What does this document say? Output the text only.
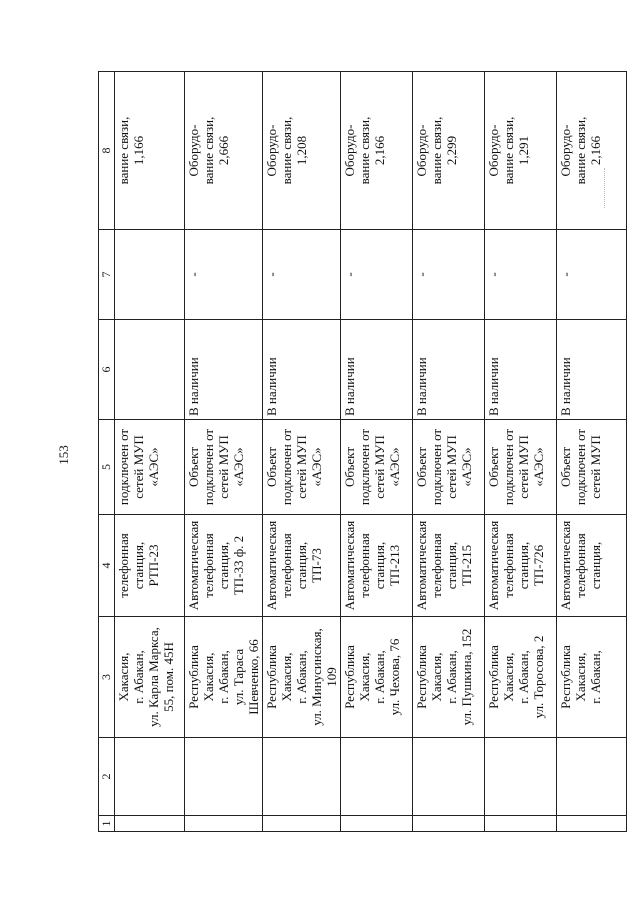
153
1	2	3	4	5	6	7	8

		Хакасия, г. Абакан, ул. Карла Маркса, 55, пом. 45Н	телефонная станция, РТП-23	подключен от сетей МУП «АЭС»			вание связи, 1,166

		Республика Хакасия, г. Абакан, ул. Тараса Шевченко, 66	Автоматическая телефонная станция, ТП-33 ф. 2	Объект подключен от сетей МУП «АЭС»	В наличии	-	Оборудо- вание связи, 2,666

		Республика Хакасия, г. Абакан, ул. Минусинская, 109	Автоматическая телефонная станция, ТП-73	Объект подключен от сетей МУП «АЭС»	В наличии	-	Оборудо- вание связи, 1,208

		Республика Хакасия, г. Абакан, ул. Чехова, 76	Автоматическая телефонная станция, ТП-213	Объект подключен от сетей МУП «АЭС»	В наличии	-	Оборудо- вание связи, 2,166

		Республика Хакасия, г. Абакан, ул. Пушкина, 152	Автоматическая телефонная станция, ТП-215	Объект подключен от сетей МУП «АЭС»	В наличии	-	Оборудо- вание связи, 2,299

		Республика Хакасия, г. Абакан, ул. Торосова, 2	Автоматическая телефонная станция, ТП-726	Объект подключен от сетей МУП «АЭС»	В наличии	-	Оборудо- вание связи, 1,291

		Республика Хакасия, г. Абакан,	Автоматическая телефонная станция,	Объект подключен от сетей МУП	В наличии	-	Оборудо- вание связи, 2,166
